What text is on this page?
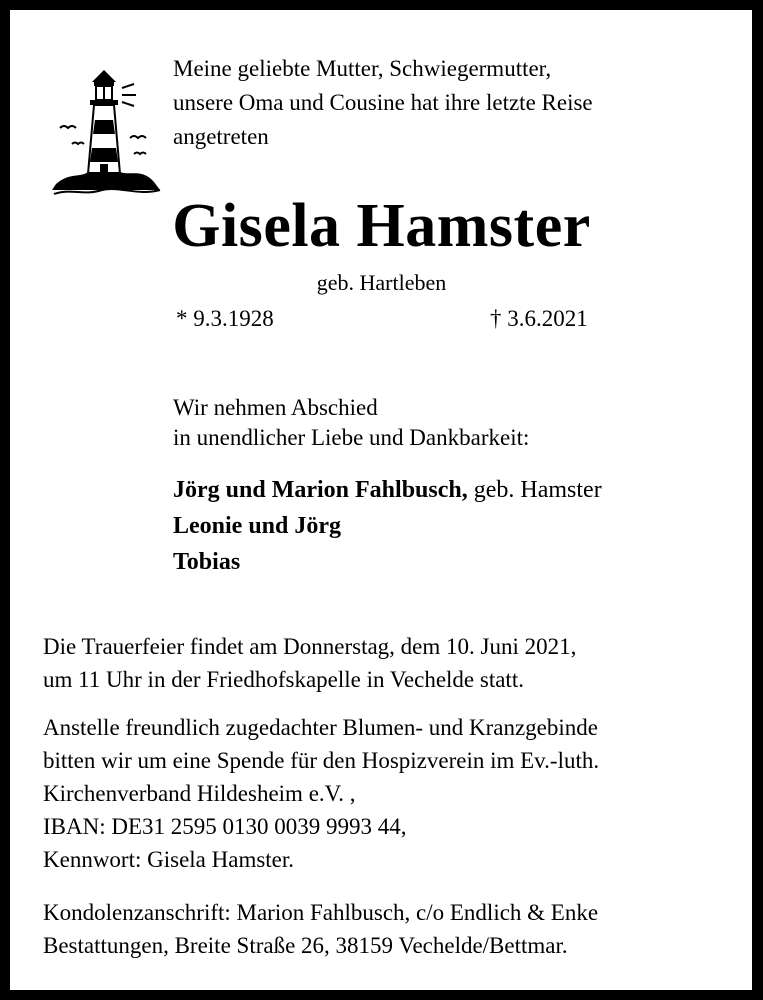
Meine geliebte Mutter, Schwiegermutter,
unsere Oma und Cousine hat ihre letzte Reise
angetreten
Gisela Hamster
geb. Hartleben
* 9.3.1928	† 3.6.2021
Wir nehmen Abschied
in unendlicher Liebe und Dankbarkeit:
Jörg und Marion Fahlbusch, geb. Hamster
Leonie und Jörg
Tobias
Die Trauerfeier findet am Donnerstag, dem 10. Juni 2021,
um 11 Uhr in der Friedhofskapelle in Vechelde statt.
Anstelle freundlich zugedachter Blumen- und Kranzgebinde
bitten wir um eine Spende für den Hospizverein im Ev.-luth.
Kirchenverband Hildesheim e.V. ,
IBAN: DE31 2595 0130 0039 9993 44,
Kennwort: Gisela Hamster.
Kondolenzanschrift: Marion Fahlbusch, c/o Endlich & Enke
Bestattungen, Breite Straße 26, 38159 Vechelde/Bettmar.
